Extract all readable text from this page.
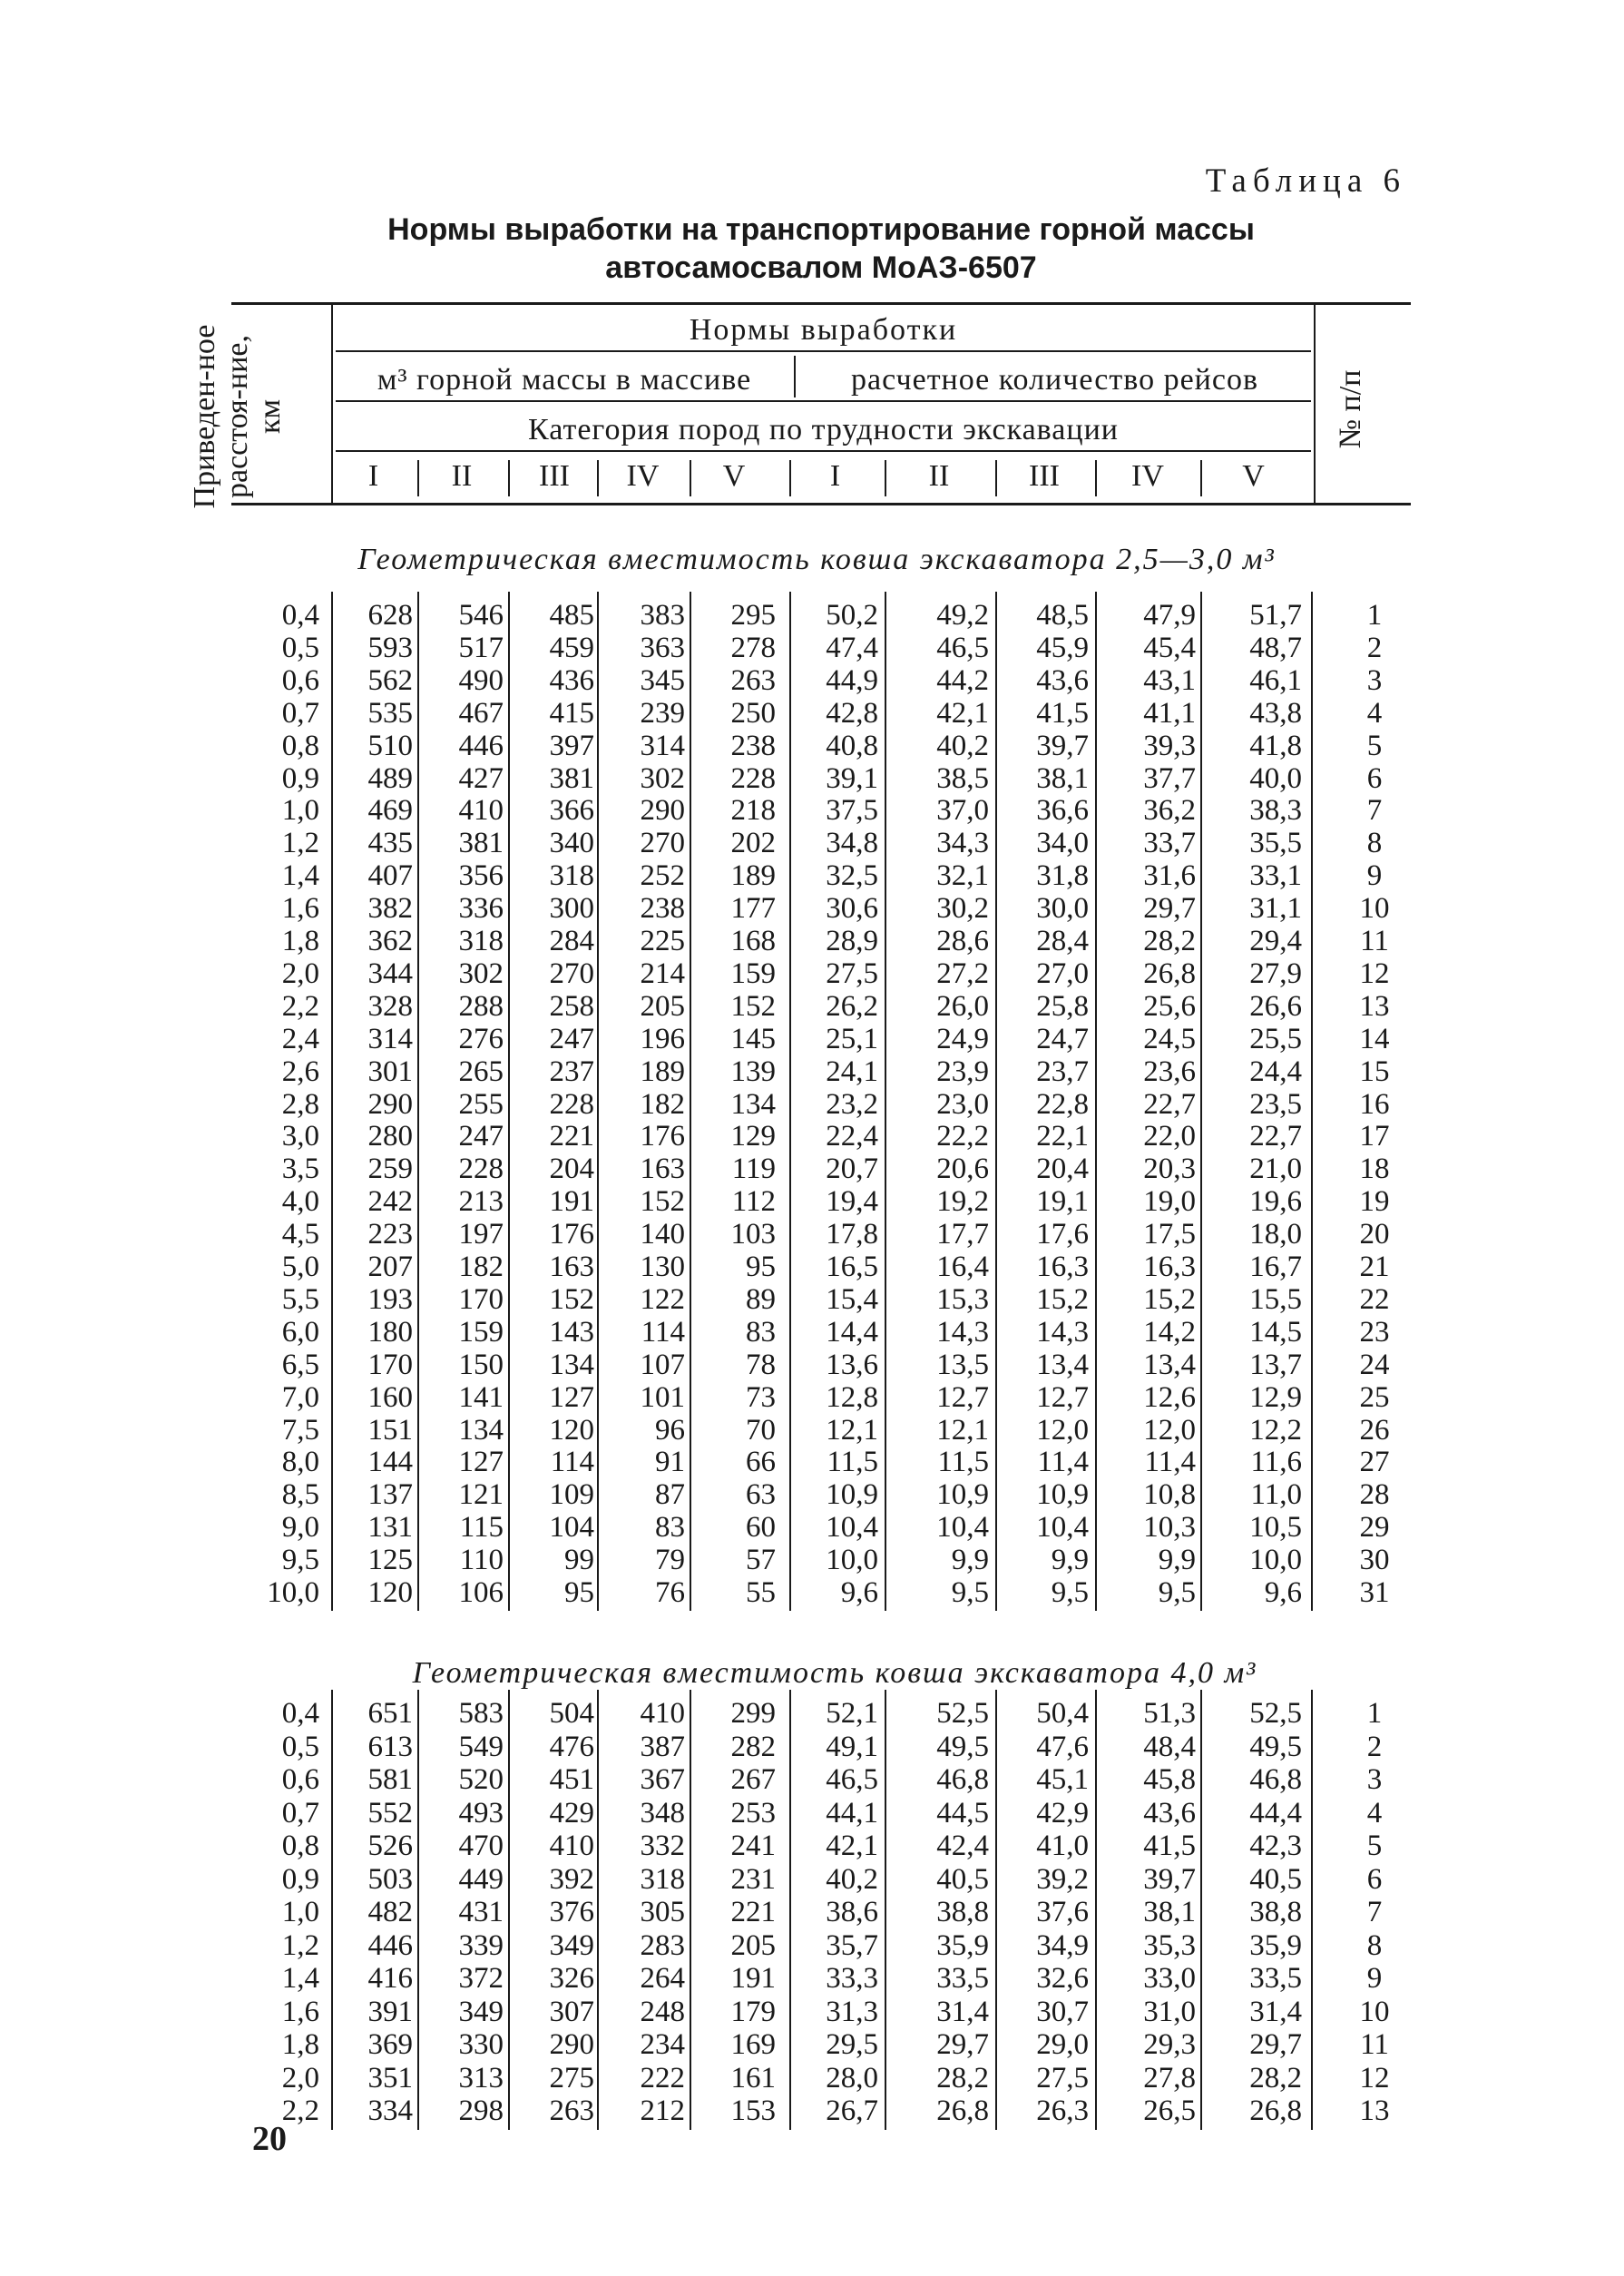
Таблица 6
Нормы выработки на транспортирование горной массы
автосамосвалом МоАЗ-6507
Приведен-ное расстоя-ние, км
Нормы выработки
м³ горной массы в массиве	расчетное количество рейсов
Категория пород по трудности экскавации
I	II	III	IV	V	I	II	III	IV	V
№ п/п
Геометрическая вместимость ковша экскаватора 2,5—3,0 м³
0,4	628	546	485	383	295	50,2	49,2	48,5	47,9	51,7	1
0,5	593	517	459	363	278	47,4	46,5	45,9	45,4	48,7	2
0,6	562	490	436	345	263	44,9	44,2	43,6	43,1	46,1	3
0,7	535	467	415	239	250	42,8	42,1	41,5	41,1	43,8	4
0,8	510	446	397	314	238	40,8	40,2	39,7	39,3	41,8	5
0,9	489	427	381	302	228	39,1	38,5	38,1	37,7	40,0	6
1,0	469	410	366	290	218	37,5	37,0	36,6	36,2	38,3	7
1,2	435	381	340	270	202	34,8	34,3	34,0	33,7	35,5	8
1,4	407	356	318	252	189	32,5	32,1	31,8	31,6	33,1	9
1,6	382	336	300	238	177	30,6	30,2	30,0	29,7	31,1	10
1,8	362	318	284	225	168	28,9	28,6	28,4	28,2	29,4	11
2,0	344	302	270	214	159	27,5	27,2	27,0	26,8	27,9	12
2,2	328	288	258	205	152	26,2	26,0	25,8	25,6	26,6	13
2,4	314	276	247	196	145	25,1	24,9	24,7	24,5	25,5	14
2,6	301	265	237	189	139	24,1	23,9	23,7	23,6	24,4	15
2,8	290	255	228	182	134	23,2	23,0	22,8	22,7	23,5	16
3,0	280	247	221	176	129	22,4	22,2	22,1	22,0	22,7	17
3,5	259	228	204	163	119	20,7	20,6	20,4	20,3	21,0	18
4,0	242	213	191	152	112	19,4	19,2	19,1	19,0	19,6	19
4,5	223	197	176	140	103	17,8	17,7	17,6	17,5	18,0	20
5,0	207	182	163	130	95	16,5	16,4	16,3	16,3	16,7	21
5,5	193	170	152	122	89	15,4	15,3	15,2	15,2	15,5	22
6,0	180	159	143	114	83	14,4	14,3	14,3	14,2	14,5	23
6,5	170	150	134	107	78	13,6	13,5	13,4	13,4	13,7	24
7,0	160	141	127	101	73	12,8	12,7	12,7	12,6	12,9	25
7,5	151	134	120	96	70	12,1	12,1	12,0	12,0	12,2	26
8,0	144	127	114	91	66	11,5	11,5	11,4	11,4	11,6	27
8,5	137	121	109	87	63	10,9	10,9	10,9	10,8	11,0	28
9,0	131	115	104	83	60	10,4	10,4	10,4	10,3	10,5	29
9,5	125	110	99	79	57	10,0	9,9	9,9	9,9	10,0	30
10,0	120	106	95	76	55	9,6	9,5	9,5	9,5	9,6	31
Геометрическая вместимость ковша экскаватора 4,0 м³
0,4	651	583	504	410	299	52,1	52,5	50,4	51,3	52,5	1
0,5	613	549	476	387	282	49,1	49,5	47,6	48,4	49,5	2
0,6	581	520	451	367	267	46,5	46,8	45,1	45,8	46,8	3
0,7	552	493	429	348	253	44,1	44,5	42,9	43,6	44,4	4
0,8	526	470	410	332	241	42,1	42,4	41,0	41,5	42,3	5
0,9	503	449	392	318	231	40,2	40,5	39,2	39,7	40,5	6
1,0	482	431	376	305	221	38,6	38,8	37,6	38,1	38,8	7
1,2	446	339	349	283	205	35,7	35,9	34,9	35,3	35,9	8
1,4	416	372	326	264	191	33,3	33,5	32,6	33,0	33,5	9
1,6	391	349	307	248	179	31,3	31,4	30,7	31,0	31,4	10
1,8	369	330	290	234	169	29,5	29,7	29,0	29,3	29,7	11
2,0	351	313	275	222	161	28,0	28,2	27,5	27,8	28,2	12
2,2	334	298	263	212	153	26,7	26,8	26,3	26,5	26,8	13
20
